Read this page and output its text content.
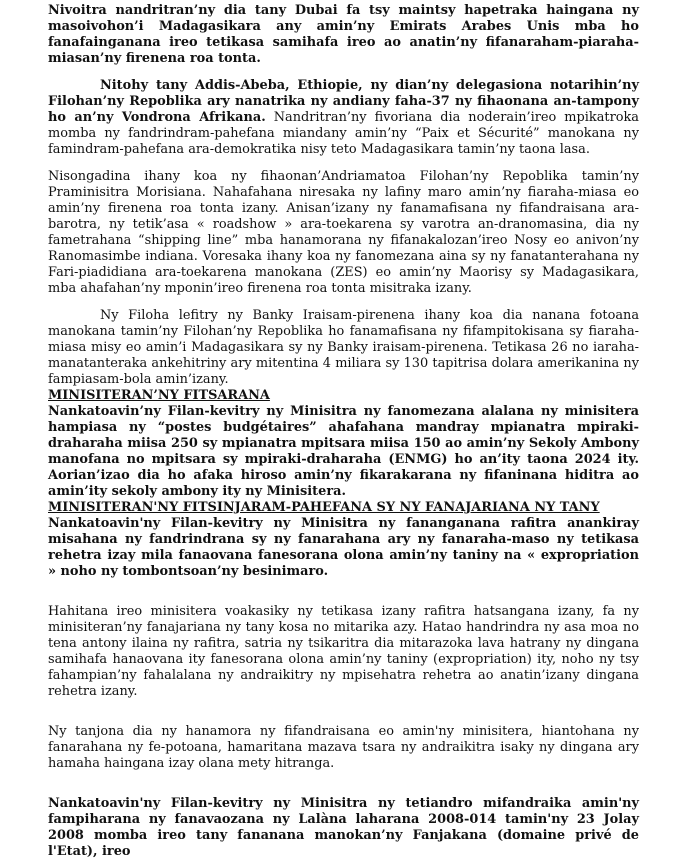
Nivoitra nandritran’ny dia tany Dubai fa tsy maintsy hapetraka haingana ny masoivohon’i Madagasikara any amin’ny Emirats Arabes Unis mba ho fanafainganana ireo tetikasa samihafa ireo ao anatin’ny fifanaraham-piaraha-miasan’ny firenena roa tonta.

Nitohy tany Addis-Abeba, Ethiopie, ny dian’ny delegasiona notarihin’ny Filohan’ny Repoblika ary nanatrika ny andiany faha-37 ny fihaonana an-tampony ho an’ny Vondrona Afrikana. Nandritran’ny fivoriana dia noderain’ireo mpikatroka momba ny fandrindram-pahefana miandany amin’ny “Paix et Sécurité” manokana ny famindram-pahefana ara-demokratika nisy teto Madagasikara tamin’ny taona lasa.

Nisongadina ihany koa ny fihaonan’Andriamatoa Filohan’ny Repoblika tamin’ny Praminisitra Morisiana. Nahafahana niresaka ny lafiny maro amin’ny fiaraha-miasa eo amin’ny firenena roa tonta izany. Anisan’izany ny fanamafisana ny fifandraisana ara-barotra, ny tetik’asa « roadshow » ara-toekarena sy varotra an-dranomasina, dia ny fametrahana “shipping line” mba hanamorana ny fifanakalozan’ireo Nosy eo anivon’ny Ranomasimbe indiana. Voresaka ihany koa ny fanomezana aina sy ny fanatanterahana ny Fari-piadidiana ara-toekarena manokana (ZES) eo amin’ny Maorisy sy Madagasikara, mba ahafahan’ny mponin’ireo firenena roa tonta misitraka izany.

Ny Filoha lefitry ny Banky Iraisam-pirenena ihany koa dia nanana fotoana manokana tamin’ny Filohan’ny Repoblika ho fanamafisana ny fifampitokisana sy fiaraha-miasa misy eo amin’i Madagasikara sy ny Banky iraisam-pirenena. Tetikasa 26 no iaraha-manatanteraka ankehitriny ary mitentina 4 miliara sy 130 tapitrisa dolara amerikanina ny fampiasam-bola amin’izany.

MINISITERAN’NY FITSARANA

Nankatoavin’ny Filan-kevitry ny Minisitra ny fanomezana alalana ny minisitera hampiasa ny “postes budgétaires” ahafahana mandray mpianatra mpiraki-draharaha miisa 250 sy mpianatra mpitsara miisa 150 ao amin’ny Sekoly Ambony manofana no mpitsara sy mpiraki-draharaha (ENMG) ho an’ity taona 2024 ity. Aorian’izao dia ho afaka hiroso amin’ny fikarakarana ny fifaninana hiditra ao amin’ity sekoly ambony ity ny Minisitera.

MINISITERAN'NY FITSINJARAM-PAHEFANA SY NY FANAJARIANA NY TANY

Nankatoavin'ny Filan-kevitry ny Minisitra ny fananganana rafitra anankiray misahana ny fandrindrana sy ny fanarahana ary ny fanaraha-maso ny tetikasa rehetra izay mila fanaovana fanesorana olona amin’ny taniny na « expropriation » noho ny tombontsoan’ny besinimaro.

Hahitana ireo minisitera voakasiky ny tetikasa izany rafitra hatsangana izany, fa ny minisiteran’ny fanajariana ny tany kosa no mitarika azy. Hatao handrindra ny asa moa no tena antony ilaina ny rafitra, satria ny tsikaritra dia mitarazoka lava hatrany ny dingana samihafa hanaovana ity fanesorana olona amin’ny taniny (expropriation) ity, noho ny tsy fahampian’ny fahalalana ny andraikitry ny mpisehatra rehetra ao anatin’izany dingana rehetra izany.

Ny tanjona dia ny hanamora ny fifandraisana eo amin'ny minisitera, hiantohana ny fanarahana ny fe-potoana, hamaritana mazava tsara ny andraikitra isaky ny dingana ary hamaha haingana izay olana mety hitranga.

Nankatoavin'ny Filan-kevitry ny Minisitra ny tetiandro mifandraika amin'ny fampiharana ny fanavaozana ny Lalàna laharana 2008-014 tamin'ny 23 Jolay 2008 momba ireo tany fananana manokan’ny Fanjakana (domaine privé de l'Etat), ireo
